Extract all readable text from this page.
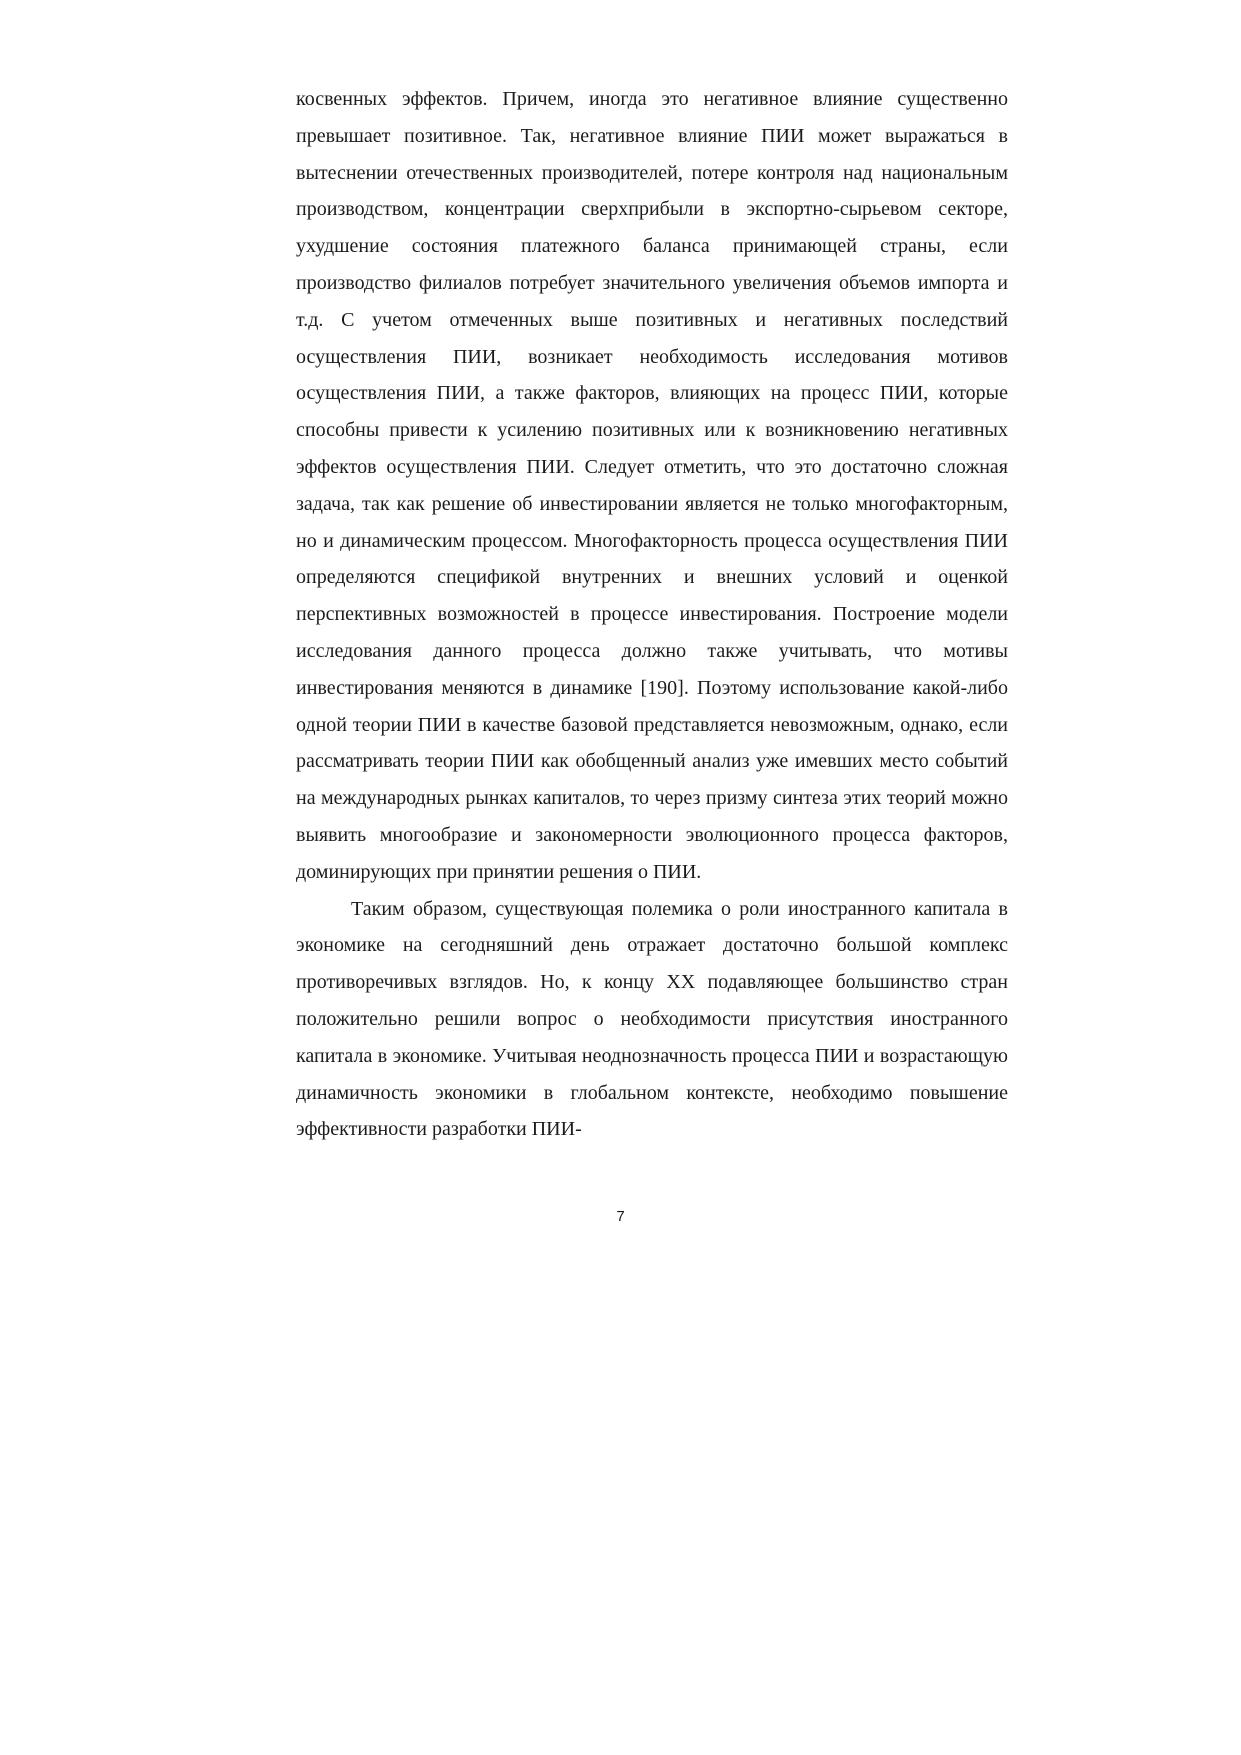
косвенных эффектов. Причем, иногда это негативное влияние существенно превышает позитивное. Так, негативное влияние ПИИ может выражаться в вытеснении отечественных производителей, потере контроля над национальным производством, концентрации сверхприбыли в экспортно-сырьевом секторе, ухудшение состояния платежного баланса принимающей страны, если производство филиалов потребует значительного увеличения объемов импорта и т.д. С учетом отмеченных выше позитивных и негативных последствий осуществления ПИИ, возникает необходимость исследования мотивов осуществления ПИИ, а также факторов, влияющих на процесс ПИИ, которые способны привести к усилению позитивных или к возникновению негативных эффектов осуществления ПИИ. Следует отметить, что это достаточно сложная задача, так как решение об инвестировании является не только многофакторным, но и динамическим процессом. Многофакторность процесса осуществления ПИИ определяются спецификой внутренних и внешних условий и оценкой перспективных возможностей в процессе инвестирования. Построение модели исследования данного процесса должно также учитывать, что мотивы инвестирования меняются в динамике [190]. Поэтому использование какой-либо одной теории ПИИ в качестве базовой представляется невозможным, однако, если рассматривать теории ПИИ как обобщенный анализ уже имевших место событий на международных рынках капиталов, то через призму синтеза этих теорий можно выявить многообразие и закономерности эволюционного процесса факторов, доминирующих при принятии решения о ПИИ.

Таким образом, существующая полемика о роли иностранного капитала в экономике на сегодняшний день отражает достаточно большой комплекс противоречивых взглядов. Но, к концу XX подавляющее большинство стран положительно решили вопрос о необходимости присутствия иностранного капитала в экономике. Учитывая неоднозначность процесса ПИИ и возрастающую динамичность экономики в глобальном контексте, необходимо повышение эффективности разработки ПИИ-

7
